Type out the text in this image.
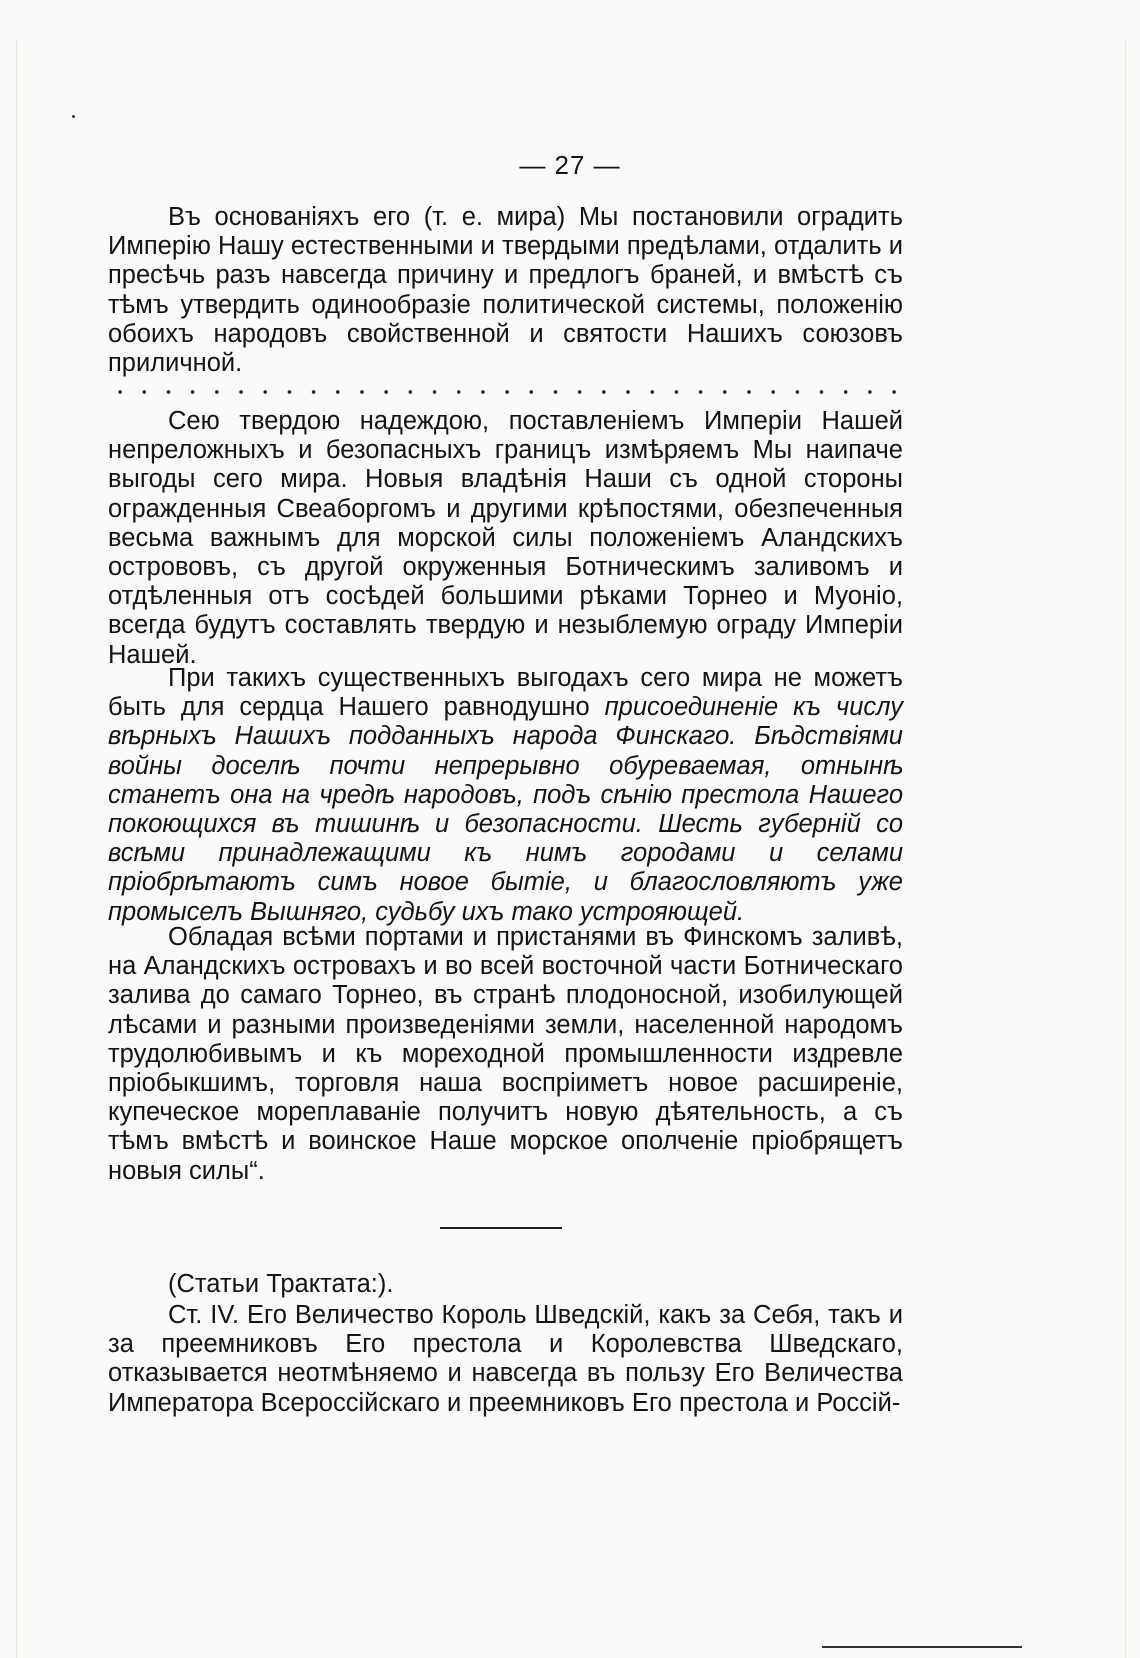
— 27 —

Въ основаніяхъ его (т. е. мира) Мы постановили оградить Имперію Нашу естественными и твердыми предѣлами, отдалить и пресѣчь разъ навсегда причину и предлогъ браней, и вмѣстѣ съ тѣмъ утвердить одинообразіе политической системы, положенію обоихъ народовъ свойственной и святости Нашихъ союзовъ приличной.

Сею твердою надеждою, поставленіемъ Имперіи Нашей непреложныхъ и безопасныхъ границъ измѣряемъ Мы наипаче выгоды сего мира. Новыя владѣнія Наши съ одной стороны огражденныя Свеаборгомъ и другими крѣпостями, обезпеченныя весьма важнымъ для морской силы положеніемъ Аландскихъ острововъ, съ другой окруженныя Ботническимъ заливомъ и отдѣленныя отъ сосѣдей большими рѣками Торнео и Муоніо, всегда будутъ составлять твердую и незыблемую ограду Имперіи Нашей.

При такихъ существенныхъ выгодахъ сего мира не можетъ быть для сердца Нашего равнодушно присоединеніе къ числу вѣрныхъ Нашихъ подданныхъ народа Финскаго. Бѣдствіями войны доселѣ почти непрерывно обуреваемая, отнынѣ станетъ она на чредѣ народовъ, подъ сѣнію престола Нашего покоющихся въ тишинѣ и безопасности. Шесть губерній со всѣми принадлежащими къ нимъ городами и селами пріобрѣтаютъ симъ новое бытіе, и благословляютъ уже промыселъ Вышняго, судьбу ихъ тако устрояющей.

Обладая всѣми портами и пристанями въ Финскомъ заливѣ, на Аландскихъ островахъ и во всей восточной части Ботническаго залива до самаго Торнео, въ странѣ плодоносной, изобилующей лѣсами и разными произведеніями земли, населенной народомъ трудолюбивымъ и къ мореходной промышленности издревле пріобыкшимъ, торговля наша воспріиметъ новое расширеніе, купеческое мореплаваніе получитъ новую дѣятельность, а съ тѣмъ вмѣстѣ и воинское Наше морское ополченіе пріобрящетъ новыя силы“.

(Статьи Трактата:).

Ст. IV. Его Величество Король Шведскій, какъ за Себя, такъ и за преемниковъ Его престола и Королевства Шведскаго, отказывается неотмѣняемо и навсегда въ пользу Его Величества Императора Всероссійскаго и преемниковъ Его престола и Россій-
